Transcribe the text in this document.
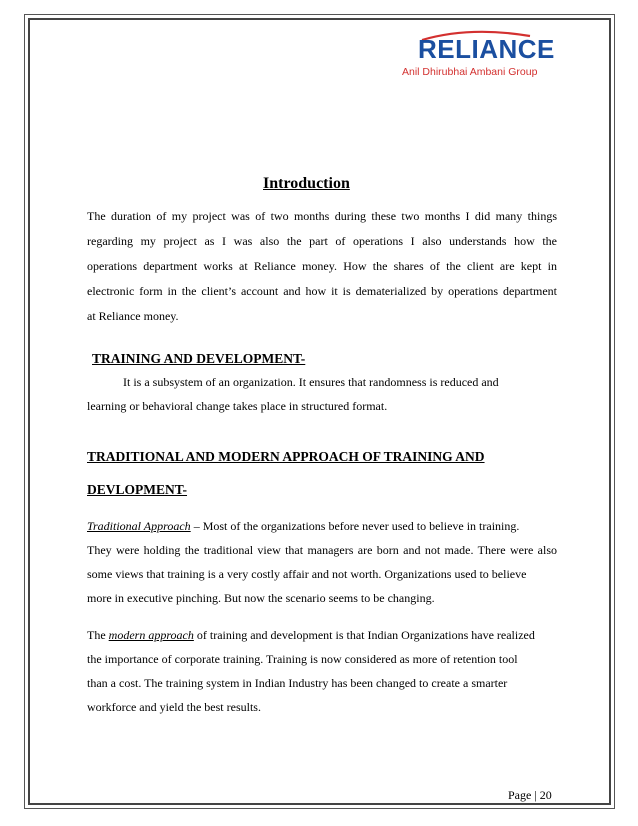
RELIANCE
Anil Dhirubhai Ambani Group
Introduction
The duration of my project was of two months during these two months I did many things
regarding my project as I was also the part of operations I also understands how the
operations department works at Reliance money. How the shares of the client are kept in
electronic form in the client’s account and how it is dematerialized by operations department
at Reliance money.
TRAINING AND DEVELOPMENT-
It is a subsystem of an organization. It ensures that randomness is reduced and
learning or behavioral change takes place in structured format.
TRADITIONAL AND MODERN APPROACH OF TRAINING AND
DEVLOPMENT-
Traditional Approach – Most of the organizations before never used to believe in training.
They were holding the traditional view that managers are born and not made. There were also
some views that training is a very costly affair and not worth. Organizations used to believe
more in executive pinching. But now the scenario seems to be changing.
The modern approach of training and development is that Indian Organizations have realized
the importance of corporate training. Training is now considered as more of retention tool
than a cost. The training system in Indian Industry has been changed to create a smarter
workforce and yield the best results.
Page | 20
